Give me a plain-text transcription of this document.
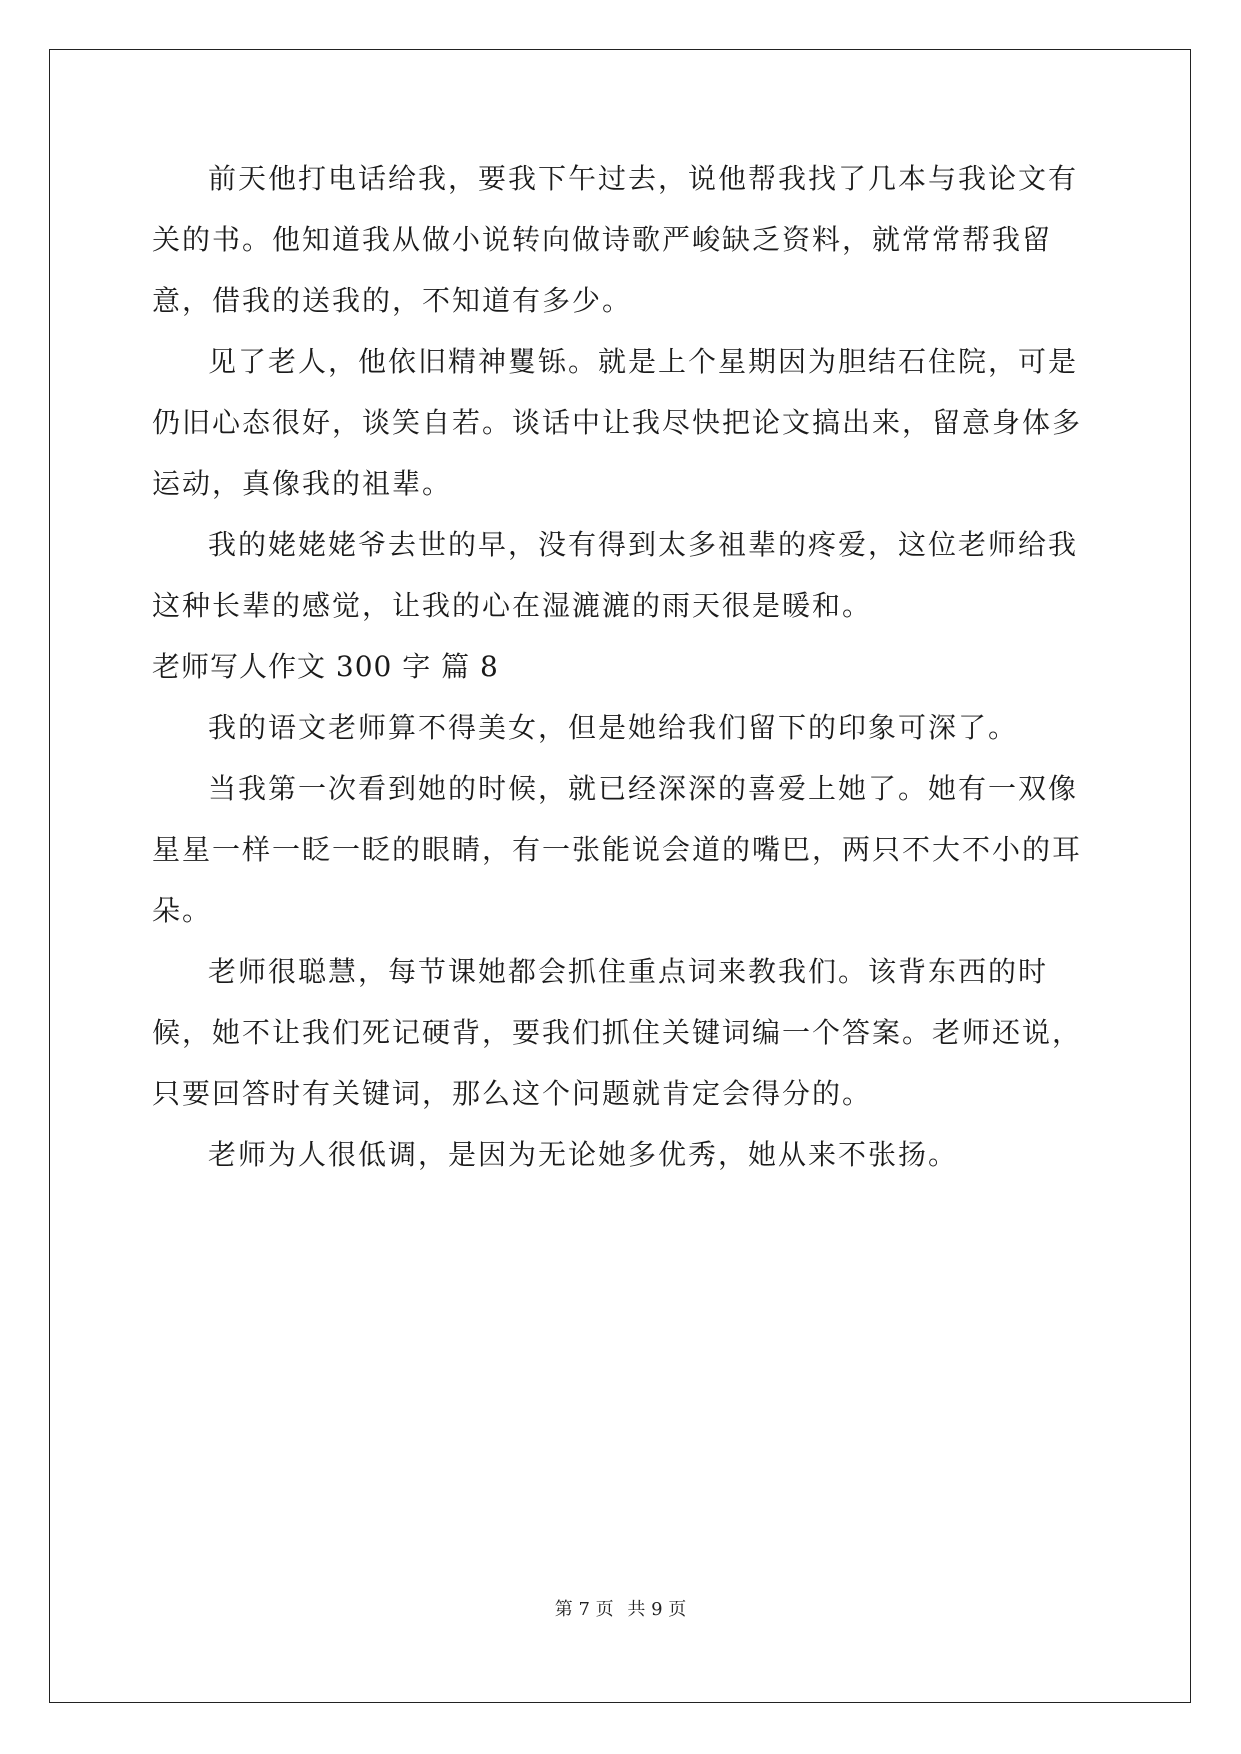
前天他打电话给我，要我下午过去，说他帮我找了几本与我论文有关的书。他知道我从做小说转向做诗歌严峻缺乏资料，就常常帮我留意，借我的送我的，不知道有多少。

见了老人，他依旧精神矍铄。就是上个星期因为胆结石住院，可是仍旧心态很好，谈笑自若。谈话中让我尽快把论文搞出来，留意身体多运动，真像我的祖辈。

我的姥姥姥爷去世的早，没有得到太多祖辈的疼爱，这位老师给我这种长辈的感觉，让我的心在湿漉漉的雨天很是暖和。

老师写人作文 300 字 篇 8

我的语文老师算不得美女，但是她给我们留下的印象可深了。

当我第一次看到她的时候，就已经深深的喜爱上她了。她有一双像星星一样一眨一眨的眼睛，有一张能说会道的嘴巴，两只不大不小的耳朵。

老师很聪慧，每节课她都会抓住重点词来教我们。该背东西的时候，她不让我们死记硬背，要我们抓住关键词编一个答案。老师还说，只要回答时有关键词，那么这个问题就肯定会得分的。

老师为人很低调，是因为无论她多优秀，她从来不张扬。

第 7 页 共 9 页
